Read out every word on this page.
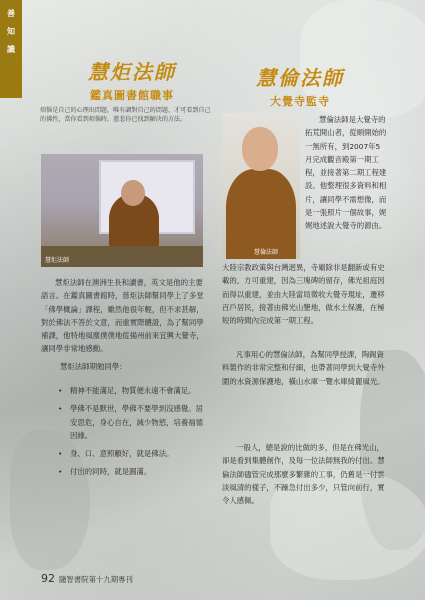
善
知
識
慧炬法師
鑑真圖書館職事
慧倫法師
大覺寺監寺
煩惱是自己的心理出問題，唯有調對自己的問題，才可看到自己的佛性，當你看到煩惱時，慈悲你已找到解決的方法。
慧炬法師
慧倫法師

慧炬法師在澳洲生長和讀書，英文是他的主要語言。在鑑真圖書館時，慈炬法師幫同學上了多堂「佛學概論」課程，雖然他很年輕，但不求甚解，對於佛法不答於文意，而重實際體證，為了幫同學補課，他特地風塵僕僕地從揚州前來宜興大覺寺，讓同學非常地感動。

慧炬法師期勉同學：

• 精神不能滿足，物質便永遠不會滿足。
• 學佛不是默世，學佛不要學到沒感覺。居安思危，身心自在，減少物慾，培養福德因緣。
• 身、口、意照顧好，就是佛法。
• 付出的同時，就是圓滿。

慧倫法師是大覺寺的拓荒開山者，從順開始的一無所有，到2007年5月完成觀音殿第一期工程，並接著第二期工程建設。他整理很多資料和相片，讓同學不需想像，而是一張照片一個故事，娓娓地述說大覺寺的源由。

大陸宗教政策與台灣迥異，寺廟除非是翻新或有史載的，方可重建，因為三塊碑的留存，佛光祖庭因而得以重建，並由大陸當局徵收大覺寺現址，遷移百戶居民，接著由佛光山墾地，做水土保護，在極短的時間內完成第一期工程。

凡事用心的慧倫法師，為幫同學授課，陶錫資料製作的非常完整和仔細，也帶著同學到大覺寺外圍的水資源保護地，橫山水庫一覽水庫綺麗風光。

一般人，總是說的比做的多，但是在佛光山，卻是看到集體創作，及每一位法師無我的付出。慧倫法師儘管完成那麼多繁雜的工事，仍舊是一付雲淡風清的樣子，不躁急付出多少，只管向前行，實令人感佩。

92 隨智書院第十九期專刊
